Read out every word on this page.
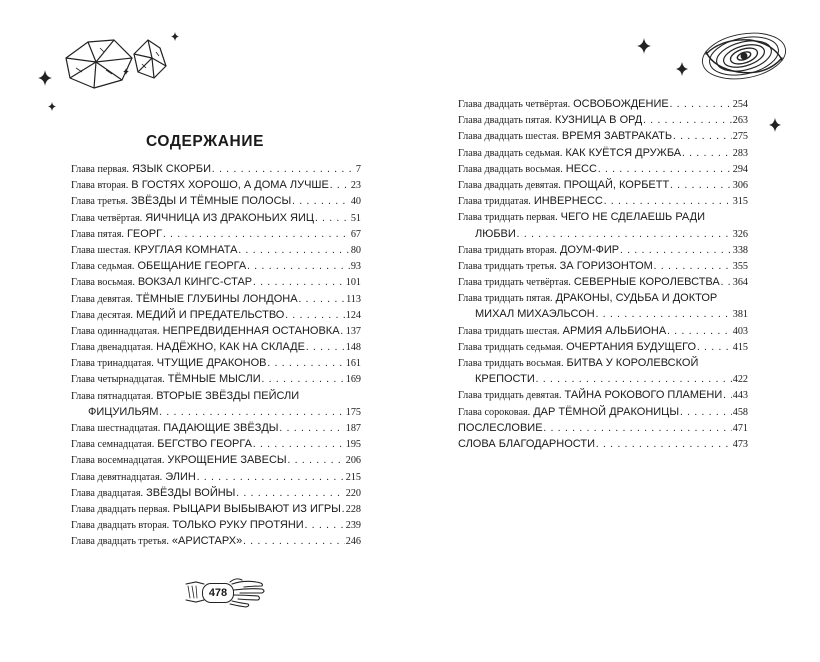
СОДЕРЖАНИЕ
Глава первая. ЯЗЫК СКОРБИ . . .	7
Глава вторая. В ГОСТЯХ ХОРОШО, А ДОМА ЛУЧШЕ . . . 23
Глава третья. ЗВЁЗДЫ И ТЁМНЫЕ ПОЛОСЫ . . .	40
Глава четвёртая. ЯИЧНИЦА ИЗ ДРАКОНЬИХ ЯИЦ . . .	51
Глава пятая. ГЕОРГ . . .	67
Глава шестая. КРУГЛАЯ КОМНАТА . . .	80
Глава седьмая. ОБЕЩАНИЕ ГЕОРГА . . .	93
Глава восьмая. ВОКЗАЛ КИНГС-СТАР . . .	101
Глава девятая. ТЁМНЫЕ ГЛУБИНЫ ЛОНДОНА . . .	113
Глава десятая. МЕДИЙ И ПРЕДАТЕЛЬСТВО . . .	124
Глава одиннадцатая. НЕПРЕДВИДЕННАЯ ОСТАНОВКА . . . 137
Глава двенадцатая. НАДЁЖНО, КАК НА СКЛАДЕ . . .	148
Глава тринадцатая. ЧТУЩИЕ ДРАКОНОВ . . .	161
Глава четырнадцатая. ТЁМНЫЕ МЫСЛИ . . .	169
Глава пятнадцатая. ВТОРЫЕ ЗВЁЗДЫ ПЕЙСЛИ
ФИЦУИЛЬЯМ . . .	175
Глава шестнадцатая. ПАДАЮЩИЕ ЗВЁЗДЫ . . .	187
Глава семнадцатая. БЕГСТВО ГЕОРГА . . .	195
Глава восемнадцатая. УКРОЩЕНИЕ ЗАВЕСЫ . . .	206
Глава девятнадцатая. ЭЛИН . . .	215
Глава двадцатая. ЗВЁЗДЫ ВОЙНЫ . . .	220
Глава двадцать первая. РЫЦАРИ ВЫБЫВАЮТ ИЗ ИГРЫ . . . 228
Глава двадцать вторая. ТОЛЬКО РУКУ ПРОТЯНИ . . .	239
Глава двадцать третья. «АРИСТАРХ» . . .	246
478
Глава двадцать четвёртая. ОСВОБОЖДЕНИЕ . . .	254
Глава двадцать пятая. КУЗНИЦА В ОРД . . .	263
Глава двадцать шестая. ВРЕМЯ ЗАВТРАКАТЬ . . .	275
Глава двадцать седьмая. КАК КУЁТСЯ ДРУЖБА . . .	283
Глава двадцать восьмая. НЕСС . . .	294
Глава двадцать девятая. ПРОЩАЙ, КОРБЕТТ . . .	306
Глава тридцатая. ИНВЕРНЕСС . . .	315
Глава тридцать первая. ЧЕГО НЕ СДЕЛАЕШЬ РАДИ
ЛЮБВИ . . .	326
Глава тридцать вторая. ДОУМ-ФИР . . .	338
Глава тридцать третья. ЗА ГОРИЗОНТОМ . . .	355
Глава тридцать четвёртая. СЕВЕРНЫЕ КОРОЛЕВСТВА . . . 364
Глава тридцать пятая. ДРАКОНЫ, СУДЬБА И ДОКТОР
МИХАЛ МИХАЭЛЬСОН . . .	381
Глава тридцать шестая. АРМИЯ АЛЬБИОНА . . .	403
Глава тридцать седьмая. ОЧЕРТАНИЯ БУДУЩЕГО . . .	415
Глава тридцать восьмая. БИТВА У КОРОЛЕВСКОЙ
КРЕПОСТИ . . .	422
Глава тридцать девятая. ТАЙНА РОКОВОГО ПЛАМЕНИ . . . 443
Глава сороковая. ДАР ТЁМНОЙ ДРАКОНИЦЫ . . .	458
ПОСЛЕСЛОВИЕ . . .	471
СЛОВА БЛАГОДАРНОСТИ . . .	473
